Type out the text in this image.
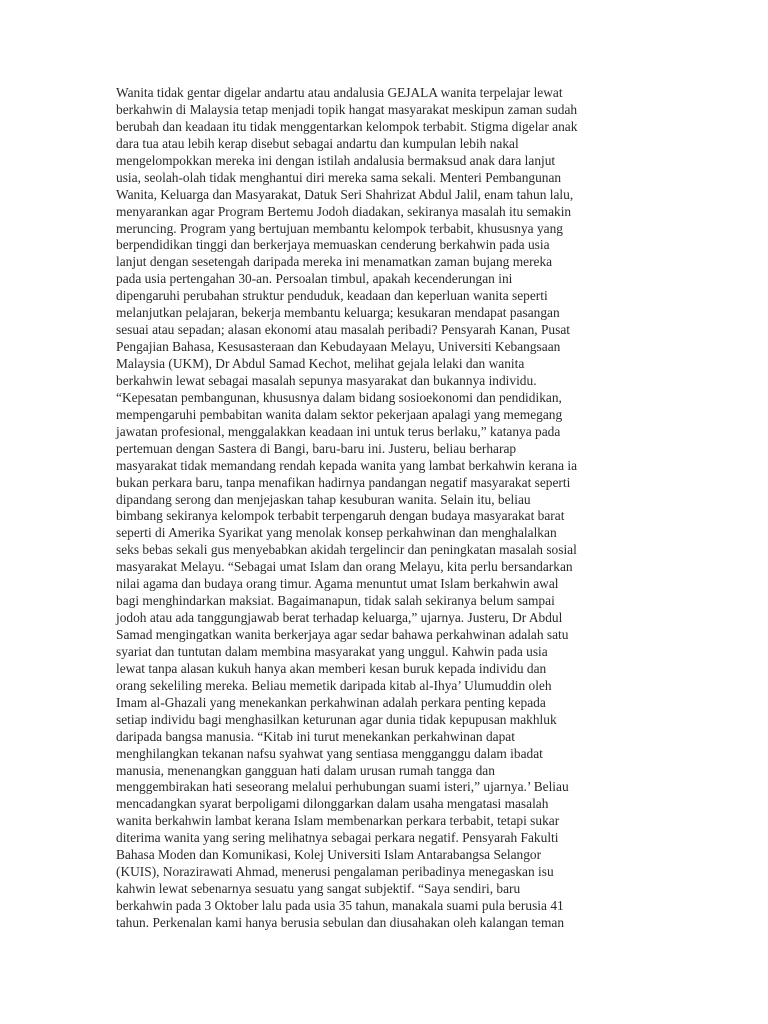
Wanita tidak gentar digelar andartu atau andalusia GEJALA wanita terpelajar lewat
berkahwin di Malaysia tetap menjadi topik hangat masyarakat meskipun zaman sudah
berubah dan keadaan itu tidak menggentarkan kelompok terbabit. Stigma digelar anak
dara tua atau lebih kerap disebut sebagai andartu dan kumpulan lebih nakal
mengelompokkan mereka ini dengan istilah andalusia bermaksud anak dara lanjut
usia, seolah-olah tidak menghantui diri mereka sama sekali. Menteri Pembangunan
Wanita, Keluarga dan Masyarakat, Datuk Seri Shahrizat Abdul Jalil, enam tahun lalu,
menyarankan agar Program Bertemu Jodoh diadakan, sekiranya masalah itu semakin
meruncing. Program yang bertujuan membantu kelompok terbabit, khususnya yang
berpendidikan tinggi dan berkerjaya memuaskan cenderung berkahwin pada usia
lanjut dengan sesetengah daripada mereka ini menamatkan zaman bujang mereka
pada usia pertengahan 30-an. Persoalan timbul, apakah kecenderungan ini
dipengaruhi perubahan struktur penduduk, keadaan dan keperluan wanita seperti
melanjutkan pelajaran, bekerja membantu keluarga; kesukaran mendapat pasangan
sesuai atau sepadan; alasan ekonomi atau masalah peribadi? Pensyarah Kanan, Pusat
Pengajian Bahasa, Kesusasteraan dan Kebudayaan Melayu, Universiti Kebangsaan
Malaysia (UKM), Dr Abdul Samad Kechot, melihat gejala lelaki dan wanita
berkahwin lewat sebagai masalah sepunya masyarakat dan bukannya individu.
“Kepesatan pembangunan, khususnya dalam bidang sosioekonomi dan pendidikan,
mempengaruhi pembabitan wanita dalam sektor pekerjaan apalagi yang memegang
jawatan profesional, menggalakkan keadaan ini untuk terus berlaku,” katanya pada
pertemuan dengan Sastera di Bangi, baru-baru ini. Justeru, beliau berharap
masyarakat tidak memandang rendah kepada wanita yang lambat berkahwin kerana ia
bukan perkara baru, tanpa menafikan hadirnya pandangan negatif masyarakat seperti
dipandang serong dan menjejaskan tahap kesuburan wanita. Selain itu, beliau
bimbang sekiranya kelompok terbabit terpengaruh dengan budaya masyarakat barat
seperti di Amerika Syarikat yang menolak konsep perkahwinan dan menghalalkan
seks bebas sekali gus menyebabkan akidah tergelincir dan peningkatan masalah sosial
masyarakat Melayu. “Sebagai umat Islam dan orang Melayu, kita perlu bersandarkan
nilai agama dan budaya orang timur. Agama menuntut umat Islam berkahwin awal
bagi menghindarkan maksiat. Bagaimanapun, tidak salah sekiranya belum sampai
jodoh atau ada tanggungjawab berat terhadap keluarga,” ujarnya. Justeru, Dr Abdul
Samad mengingatkan wanita berkerjaya agar sedar bahawa perkahwinan adalah satu
syariat dan tuntutan dalam membina masyarakat yang unggul. Kahwin pada usia
lewat tanpa alasan kukuh hanya akan memberi kesan buruk kepada individu dan
orang sekeliling mereka. Beliau memetik daripada kitab al-Ihya’ Ulumuddin oleh
Imam al-Ghazali yang menekankan perkahwinan adalah perkara penting kepada
setiap individu bagi menghasilkan keturunan agar dunia tidak kepupusan makhluk
daripada bangsa manusia. “Kitab ini turut menekankan perkahwinan dapat
menghilangkan tekanan nafsu syahwat yang sentiasa mengganggu dalam ibadat
manusia, menenangkan gangguan hati dalam urusan rumah tangga dan
menggembirakan hati seseorang melalui perhubungan suami isteri,” ujarnya.’ Beliau
mencadangkan syarat berpoligami dilonggarkan dalam usaha mengatasi masalah
wanita berkahwin lambat kerana Islam membenarkan perkara terbabit, tetapi sukar
diterima wanita yang sering melihatnya sebagai perkara negatif. Pensyarah Fakulti
Bahasa Moden dan Komunikasi, Kolej Universiti Islam Antarabangsa Selangor
(KUIS), Norazirawati Ahmad, menerusi pengalaman peribadinya menegaskan isu
kahwin lewat sebenarnya sesuatu yang sangat subjektif. “Saya sendiri, baru
berkahwin pada 3 Oktober lalu pada usia 35 tahun, manakala suami pula berusia 41
tahun. Perkenalan kami hanya berusia sebulan dan diusahakan oleh kalangan teman
